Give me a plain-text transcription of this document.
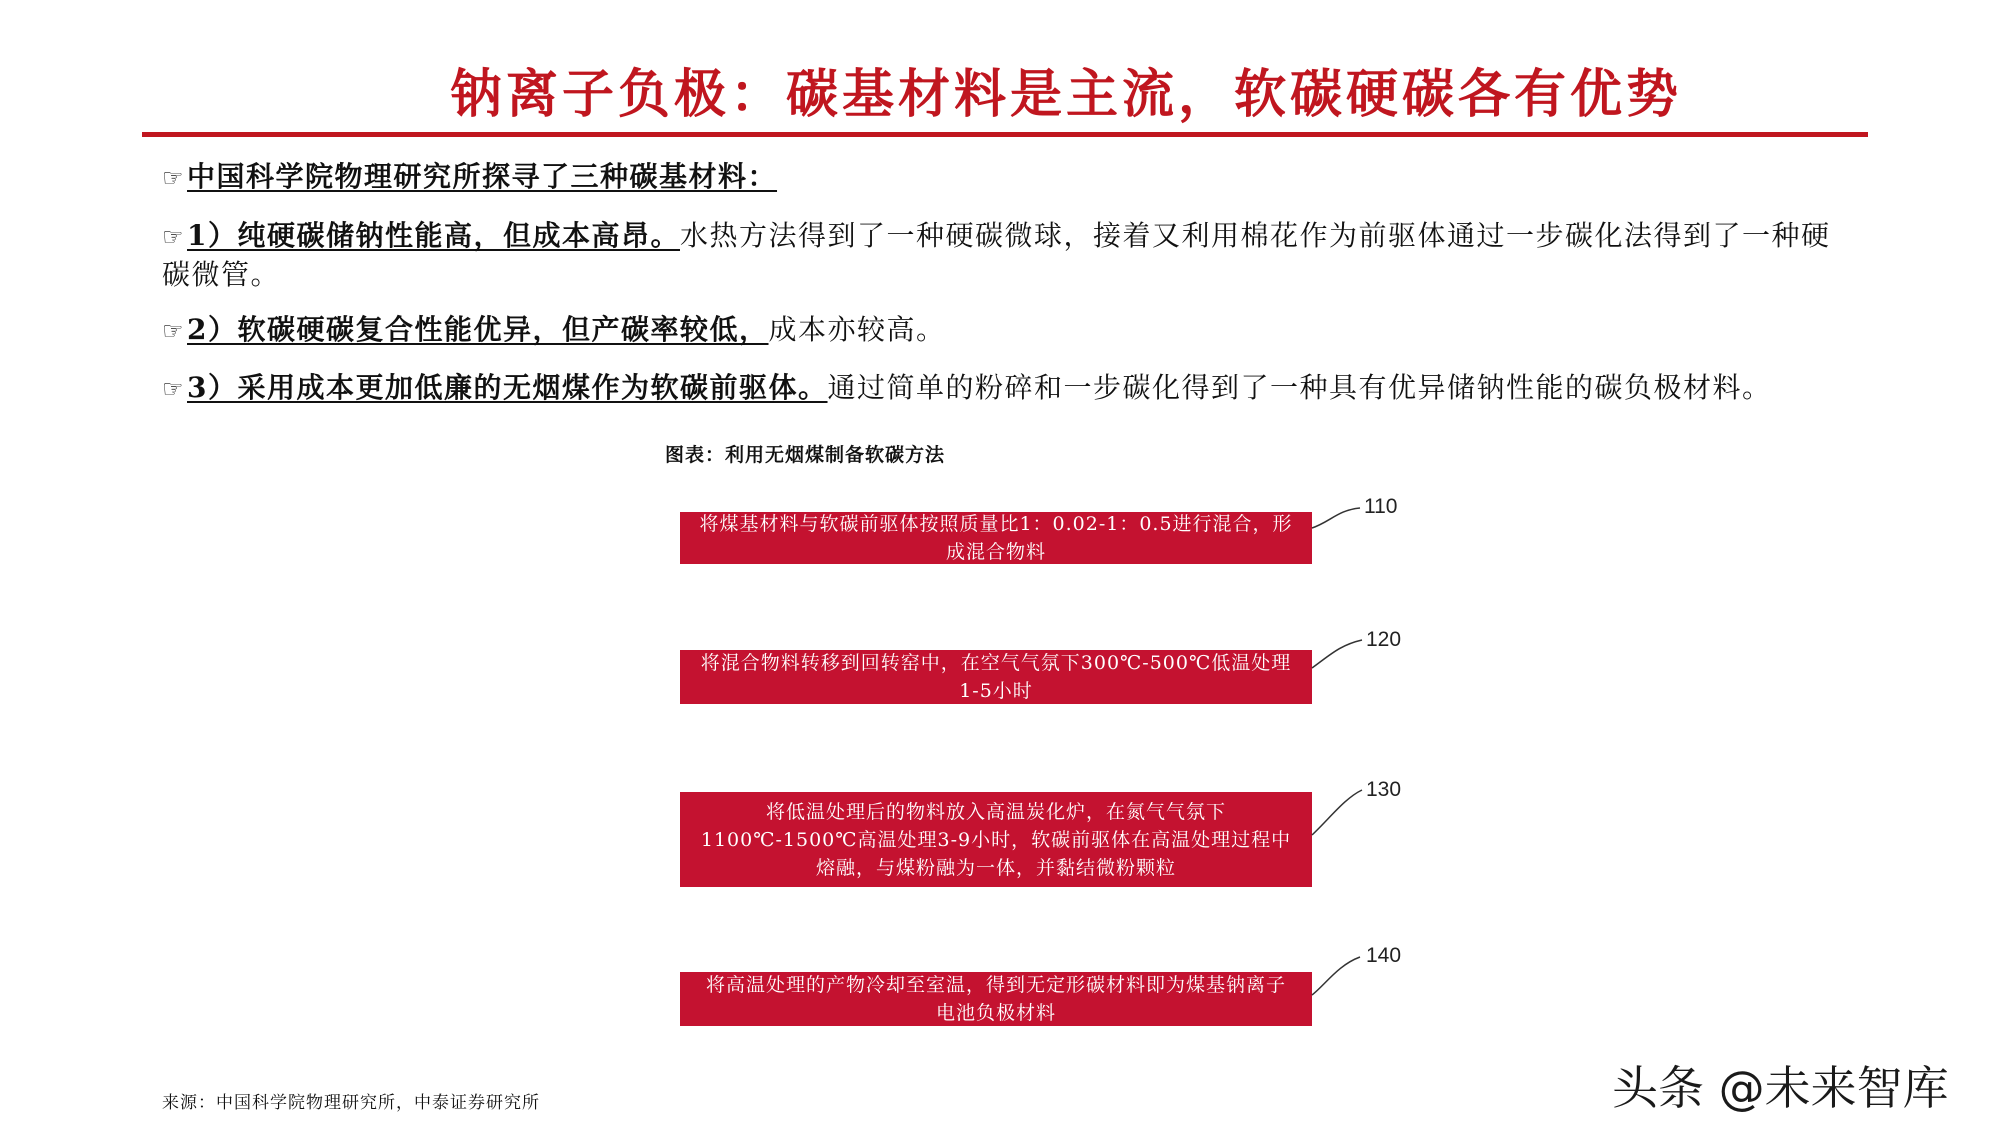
钠离子负极：碳基材料是主流，软碳硬碳各有优势
☞中国科学院物理研究所探寻了三种碳基材料：
☞1）纯硬碳储钠性能高，但成本高昂。水热方法得到了一种硬碳微球，接着又利用棉花作为前驱体通过一步碳化法得到了一种硬碳微管。
☞2）软碳硬碳复合性能优异，但产碳率较低，成本亦较高。
☞3）采用成本更加低廉的无烟煤作为软碳前驱体。通过简单的粉碎和一步碳化得到了一种具有优异储钠性能的碳负极材料。
图表：利用无烟煤制备软碳方法
将煤基材料与软碳前驱体按照质量比1：0.02-1：0.5进行混合，形成混合物料
将混合物料转移到回转窑中，在空气气氛下300℃-500℃低温处理1-5小时
将低温处理后的物料放入高温炭化炉，在氮气气氛下1100℃-1500℃高温处理3-9小时，软碳前驱体在高温处理过程中熔融，与煤粉融为一体，并黏结微粉颗粒
将高温处理的产物冷却至室温，得到无定形碳材料即为煤基钠离子电池负极材料
110
120
130
140
来源：中国科学院物理研究所，中泰证券研究所	头条 @未来智库
